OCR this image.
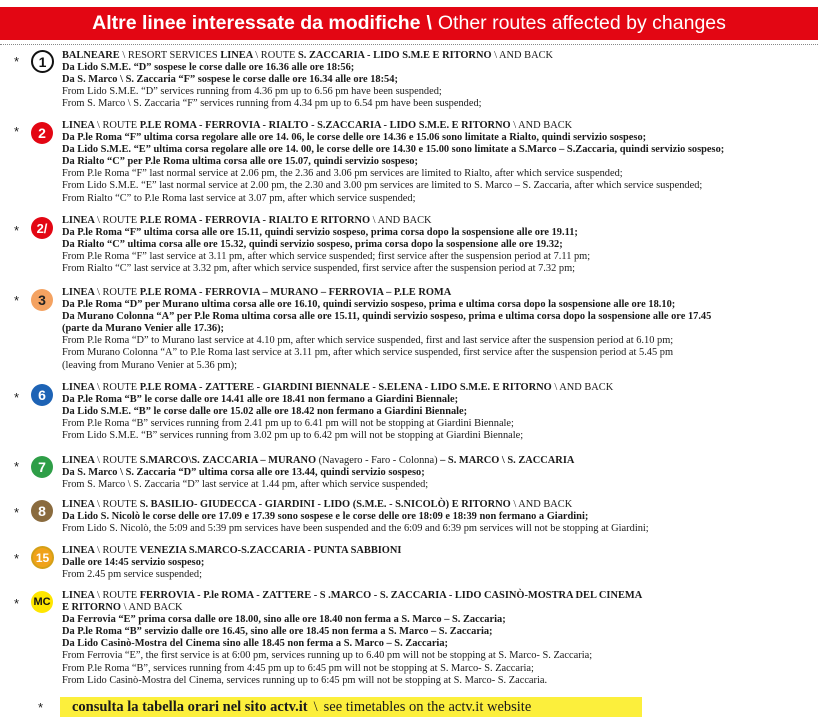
Altre linee interessate da modifiche \ Other routes affected by changes
*	1	BALNEARE \ RESORT SERVICES LINEA \ ROUTE S. ZACCARIA - LIDO S.M.E E RITORNO \ AND BACK
Da Lido S.M.E. “D” sospese le corse dalle ore 16.36 alle ore 18:56;
Da S. Marco \ S. Zaccaria “F” sospese le corse dalle ore 16.34 alle ore 18:54;
From Lido S.M.E. “D” services running from 4.36 pm up to 6.56 pm have been suspended;
From S. Marco \ S. Zaccaria “F” services running from 4.34 pm up to 6.54 pm have been suspended;
*	2	LINEA \ ROUTE P.LE ROMA - FERROVIA - RIALTO - S.ZACCARIA - LIDO S.M.E. E RITORNO \ AND BACK
Da P.le Roma “F” ultima corsa regolare alle ore 14. 06, le corse delle ore 14.36 e 15.06 sono limitate a Rialto, quindi servizio sospeso;
Da Lido S.M.E. “E” ultima corsa regolare alle ore 14. 00, le corse delle ore 14.30 e 15.00 sono limitate a S.Marco – S.Zaccaria, quindi servizio sospeso;
Da Rialto “C” per P.le Roma ultima corsa alle ore 15.07, quindi servizio sospeso;
From P.le Roma “F” last normal service at 2.06 pm, the 2.36 and 3.06 pm services are limited to Rialto, after which service suspended;
From Lido S.M.E. “E” last normal service at 2.00 pm, the 2.30 and 3.00 pm services are limited to S. Marco – S. Zaccaria, after which service suspended;
From Rialto “C” to P.le Roma last service at 3.07 pm, after which service suspended;
*	2/	LINEA \ ROUTE P.LE ROMA - FERROVIA - RIALTO E RITORNO \ AND BACK
Da P.le Roma “F” ultima corsa alle ore 15.11, quindi servizio sospeso, prima corsa dopo la sospensione alle ore 19.11;
Da Rialto “C” ultima corsa alle ore 15.32, quindi servizio sospeso, prima corsa dopo la sospensione alle ore 19.32;
From P.le Roma “F” last service at 3.11 pm, after which service suspended; first service after the suspension period at 7.11 pm;
From Rialto “C” last service at 3.32 pm, after which service suspended, first service after the suspension period at 7.32 pm;
*	3	LINEA \ ROUTE P.LE ROMA - FERROVIA – MURANO – FERROVIA – P.LE ROMA
Da P.le Roma “D” per Murano ultima corsa alle ore 16.10, quindi servizio sospeso, prima e ultima corsa dopo la sospensione alle ore 18.10;
Da Murano Colonna “A” per P.le Roma ultima corsa alle ore 15.11, quindi servizio sospeso, prima e ultima corsa dopo la sospensione alle ore 17.45
(parte da Murano Venier alle 17.36);
From P.le Roma “D” to Murano last service at 4.10 pm, after which service suspended, first and last service after the suspension period at 6.10 pm;
From Murano Colonna “A” to P.le Roma last service at 3.11 pm, after which service suspended, first service after the suspension period at 5.45 pm
(leaving from Murano Venier at 5.36 pm);
*	6	LINEA \ ROUTE P.LE ROMA - ZATTERE - GIARDINI BIENNALE - S.ELENA - LIDO S.M.E. E RITORNO \ AND BACK
Da P.le Roma “B” le corse dalle ore 14.41 alle ore 18.41 non fermano a Giardini Biennale;
Da Lido S.M.E. “B” le corse dalle ore 15.02 alle ore 18.42 non fermano a Giardini Biennale;
From P.le Roma “B” services running from 2.41 pm up to 6.41 pm will not be stopping at Giardini Biennale;
From Lido S.M.E. “B” services running from 3.02 pm up to 6.42 pm will not be stopping at Giardini Biennale;
*	7	LINEA \ ROUTE S.MARCO\S. ZACCARIA – MURANO (Navagero - Faro - Colonna) – S. MARCO \ S. ZACCARIA
Da S. Marco \ S. Zaccaria “D” ultima corsa alle ore 13.44, quindi servizio sospeso;
From S. Marco \ S. Zaccaria “D” last service at 1.44 pm, after which service suspended;
*	8	LINEA \ ROUTE S. BASILIO- GIUDECCA - GIARDINI - LIDO (S.M.E. - S.NICOLÒ) E RITORNO \ AND BACK
Da Lido S. Nicolò le corse delle ore 17.09 e 17.39 sono sospese e le corse delle ore 18:09 e 18:39 non fermano a Giardini;
From Lido S. Nicolò, the 5:09 and 5:39 pm services have been suspended and the 6:09 and 6:39 pm services will not be stopping at Giardini;
*	15	LINEA \ ROUTE VENEZIA S.MARCO-S.ZACCARIA - PUNTA SABBIONI
Dalle ore 14:45 servizio sospeso;
From 2.45 pm service suspended;
* MC
LINEA \ ROUTE FERROVIA - P.le ROMA - ZATTERE - S .MARCO - S. ZACCARIA - LIDO CASINÒ-MOSTRA DEL CINEMA
E RITORNO \ AND BACK
Da Ferrovia “E” prima corsa dalle ore 18.00, sino alle ore 18.40 non ferma a S. Marco – S. Zaccaria;
Da P.le Roma “B” servizio dalle ore 16.45, sino alle ore 18.45 non ferma a S. Marco – S. Zaccaria;
Da Lido Casinò-Mostra del Cinema sino alle 18.45 non ferma a S. Marco – S. Zaccaria;
From Ferrovia “E”, the first service is at 6:00 pm, services running up to 6.40 pm will not be stopping at S. Marco- S. Zaccaria;
From P.le Roma “B”, services running from 4:45 pm up to 6:45 pm will not be stopping at S. Marco- S. Zaccaria;
From Lido Casinò-Mostra del Cinema, services running up to 6:45 pm will not be stopping at S. Marco- S. Zaccaria.
* consulta la tabella orari nel sito actv.it \ see timetables on the actv.it website
